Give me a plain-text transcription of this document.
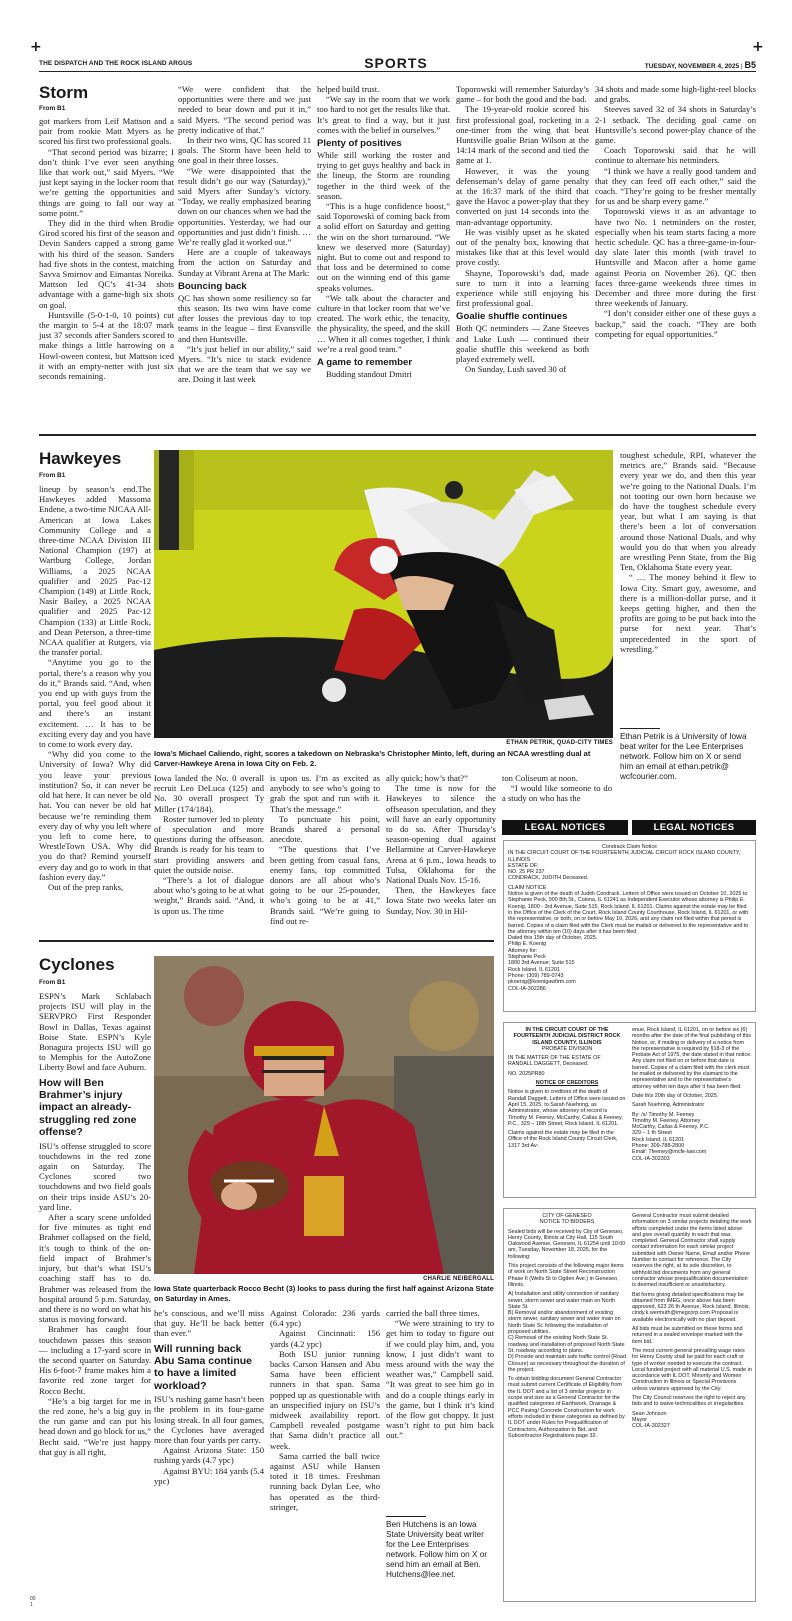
+	+
THE DISPATCH AND THE ROCK ISLAND ARGUS	SPORTS	TUESDAY, NOVEMBER 4, 2025 | B5
Storm
From B1

got markers from Leif Mattson and a pair from rookie Matt Myers as he scored his first two professional goals.

“That second period was bizarre; I don’t think I’ve ever seen anything like that work out,” said Myers. “We just kept saying in the locker room that we’re getting the opportunities and things are going to fall our way at some point.”

They did in the third when Brodie Girod scored his first of the season and Devin Sanders capped a strong game with his third of the season. Sanders had five shots in the contest, matching Savva Smirnov and Eimantas Noreika. Mattson led QC’s 41-34 shots advantage with a game-high six shots on goal.

Huntsville (5-0-1-0, 10 points) cut the margin to 5-4 at the 18:07 mark just 37 seconds after Sanders scored to make things a little harrowing on a Howl-oween contest, but Mattson iced it with an empty-netter with just six seconds remaining.

“We were confident that the opportunities were there and we just needed to bear down and put it in,” said Myers. “The second period was pretty indicative of that.”

In their two wins, QC has scored 11 goals. The Storm have been held to one goal in their three losses.

“We were disappointed that the result didn’t go our way (Saturday),” said Myers after Sunday’s victory. “Today, we really emphasized bearing down on our chances when we had the opportunities. Yesterday, we had our opportunities and just didn’t finish. … We’re really glad it worked out.”

Here are a couple of takeaways from the action on Saturday and Sunday at Vibrant Arena at The Mark:

Bouncing back

QC has shown some resiliency so far this season. Its two wins have come after losses the previous day to top teams in the league – first Evansville and then Huntsville.

“It’s just belief in our ability,” said Myers. “It’s nice to stack evidence that we are the team that we say we are. Doing it last week

helped build trust.

“We say in the room that we work too hard to not get the results like that. It’s great to find a way, but it just comes with the belief in ourselves.”

Plenty of positives

While still working the roster and trying to get guys healthy and back in the lineup, the Storm are rounding together in the third week of the season.

“This is a huge confidence boost,” said Toporowski of coming back from a solid effort on Saturday and getting the win on the short turnaround. “We knew we deserved more (Saturday) night. But to come out and respond to that loss and be determined to come out on the winning end of this game speaks volumes.

“We talk about the character and culture in that locker room that we’ve created. The work ethic, the tenacity, the physicality, the speed, and the skill … When it all comes together, I think we’re a real good team.”

A game to remember

Budding standout Dmitri

Toporowski will remember Saturday’s game – for both the good and the bad.

The 19-year-old rookie scored his first professional goal, rocketing in a one-timer from the wing that beat Huntsville goalie Brian Wilson at the 14:14 mark of the second and tied the game at 1.

However, it was the young defenseman’s delay of game penalty at the 16:37 mark of the third that gave the Havoc a power-play that they converted on just 14 seconds into the man-advantage opportunity.

He was visibly upset as he skated out of the penalty box, knowing that mistakes like that at this level would prove costly.

Shayne, Toporowski’s dad, made sure to turn it into a learning experience while still enjoying his first professional goal.

Goalie shuffle continues

Both QC netminders — Zane Steeves and Luke Lush — continued their goalie shuffle this weekend as both played extremely well.

On Sunday, Lush saved 30 of

34 shots and made some high-light-reel blocks and grabs.

Steeves saved 32 of 34 shots in Saturday’s 2-1 setback. The deciding goal came on Huntsville’s second power-play chance of the game.

Coach Toporowski said that he will continue to alternate his netminders.

“I think we have a really good tandem and that they can feed off each other,” said the coach. “They’re going to be fresher mentally for us and be sharp every game.”

Toporowski views it as an advantage to have two No. 1 netminders on the roster, especially when his team starts facing a more hectic schedule. QC has a three-game-in-four-day slate later this month (with travel to Huntsville and Macon after a home game against Peoria on November 26). QC then faces three-game weekends three times in December and three more during the first three weekends of January.

“I don’t consider either one of these guys a backup,” said the coach. “They are both competing for equal opportunities.”

Hawkeyes
From B1

lineup by season’s end.The Hawkeyes added Massoma Endene, a two-time NJCAA All-American at Iowa Lakes Community College and a three-time NCAA Division III National Champion (197) at Wartburg College, Jordan Williams, a 2025 NCAA qualifier and 2025 Pac-12 Champion (149) at Little Rock, Nasir Bailey, a 2025 NCAA qualifier and 2025 Pac-12 Champion (133) at Little Rock, and Dean Peterson, a three-time NCAA qualifier at Rutgers, via the transfer portal.

“Anytime you go to the portal, there’s a reason why you do it,” Brands said. “And, when you end up with guys from the portal, you feel good about it and there’s an instant excitement. … It has to be exciting every day and you have to come to work every day.

“Why did you come to the University of Iowa? Why did you leave your previous institution? So, it can never be old hat here. It can never be old hat. You can never be old hat because we’re reminding them every day of why you left where you left to come here, to WrestleTown USA. Why did you do that? Remind yourself every day and go to work in that fashion every day.”

Out of the prep ranks,

ETHAN PETRIK, QUAD-CITY TIMES
Iowa’s Michael Caliendo, right, scores a takedown on Nebraska’s Christopher Minto, left, during an NCAA wrestling dual at Carver-Hawkeye Arena in Iowa City on Feb. 2.

Iowa landed the No. 0 overall recruit Leo DeLuca (125) and No. 30 overall prospect Ty Miller (174/184).

Roster turnover led to plenty of speculation and more questions during the offseason. Brands is ready for his team to start providing answers and quiet the outside noise.

“There’s a lot of dialogue about who’s going to be at what weight,” Brands said. “And, it is upon us. The time

is upon us. I’m as excited as anybody to see who’s going to grab the spot and run with it. That’s the message.”

To punctuate his point, Brands shared a personal anecdote.

“The questions that I’ve been getting from casual fans, enemy fans, top committed donors are all about who’s going to be our 25-pounder, who’s going to be at 41,” Brands said. “We’re going to find out re-

ally quick; how’s that?”

The time is now for the Hawkeyes to silence the offseason speculation, and they will have an early opportunity to do so. After Thursday’s season-opening dual against Bellarmine at Carver-Hawkeye Arena at 6 p.m., Iowa heads to Tulsa, Oklahoma for the National Duals Nov. 15-16.

Then, the Hawkeyes face Iowa State two weeks later on Sunday, Nov. 30 in Hil-

ton Coliseum at noon.

“I would like someone to do a study on who has the

toughest schedule, RPI, whatever the metrics are,” Brands said. “Because every year we do, and then this year we’re going to the National Duals. I’m not tooting our own horn because we do have the toughest schedule every year, but what I am saying is that there’s been a lot of conversation around those National Duals, and why would you do that when you already are wrestling Penn State, from the Big Ten, Oklahoma State every year.

“ … The money behind it flew to Iowa City. Smart guy, awesome, and there is a million-dollar purse, and it keeps getting higher, and then the profits are going to be put back into the purse for next year. That’s unprecedented in the sport of wrestling.”

Ethan Petrik is a University of Iowa beat writer for the Lee Enterprises network. Follow him on X or send him an email at ethan.petrik@ wcfcourier.com.
LEGAL NOTICES	LEGAL NOTICES
Condrack Claim Notice
IN THE CIRCUIT COURT OF THE FOURTEENTH JUDICIAL CIRCUIT ROCK ISLAND COUNTY, ILLINOIS
ESTATE OF:
NO. 25 PR 237
CONDRACK, JUDITH Deceased.
CLAIM NOTICE
Notice is given of the death of Judith Condrack. Letters of Office were issued on October 10, 2025 to Stephanie Peck, 900 8th St., Colona, IL 61241 as Independent Executor whose attorney is Philip E. Koenig, 1800 - 3rd Avenue, Suite 515, Rock Island, IL 61201. Claims against the estate may be filed in the Office of the Clerk of the Court, Rock Island County Courthouse, Rock Island, IL 61201, or with the representative, or both, on or before May 10, 2026, and any claim not filed within that period is barred. Copies of a claim filed with the Clerk must be mailed or delivered to the representative and to the attorney within ten (10) days after it has been filed.
Dated this 15th day of October, 2025.
Philip E. Koenig
Attorney for:
Stephanie Peck
1800 3rd Avenue; Suite 515
Rock Island, IL 61201
Phone: (309) 789-0743
pkoenig@koenigawfirm.com
COL-IA-302286
IN THE CIRCUIT COURT OF THE FOURTEENTH JUDICIAL DISTRICT ROCK ISLAND COUNTY, ILLINOIS
PROBATE DIVISION
IN THE MATTER OF THE ESTATE OF RANDALL DAGGETT, Deceased.
NO. 2025PR80
NOTICE OF CREDITORS
Notice is given to creditors of the death of Randall Daggett. Letters of Office were issued on April 15, 2025, to Sarah Nuehring, as Administrator, whose attorney of record is Timothy M. Feeney, McCarthy, Callas & Feeney, P.C., 329 – 18th Street, Rock Island, IL 61201.
Claims against the estate may be filed in the Office of the Rock Island County Circuit Clerk, 1317 3rd Av-
enue, Rock Island, IL 61201, on or before six (6) months after the date of the final publishing of this Notice, or, if mailing or delivery of a notice from the representative is required by §18-3 of the Probate Act of 1975, the date stated in that notice. Any claim not filed on or before that date is barred. Copies of a claim filed with the clerk must be mailed or delivered by the claimant to the representative and to the representative’s attorney within ten days after it has been filed.
Date this 20th day of October, 2025.
Sarah Nuehring, Administrator
By: /s/ Timothy M. Feeney
Timothy M. Feeney, Attorney
McCarthy, Callas & Feeney, P.C.
329 – 1 th Street
Rock Island, IL 61201
Phone: 309-788-2800
Email: Tfeeney@mcfe-law.com
COL-IA-302303
CITY OF GENESEO
NOTICE TO BIDDERS
Sealed bids will be received by City of Geneseo, Henry County, Illinois at City Hall, 115 South Oakwood Avenue, Geneseo, IL 61254 until 10:00 am, Tuesday, November 18, 2025, for the following:
This project consists of the following major items of work on North State Street Reconstruction Phase II (Wells St to Ogden Ave.) in Geneseo, Illinois.
A) Installation and utility connection of sanitary sewer, storm sewer and water main on North State St.
B) Removal and/or abandonment of existing storm sewer, sanitary sewer and water main on North State St. following the installation of proposed utilities.
C) Removal of the existing North State St. roadway and installation of proposed North State St. roadway according to plans.
D) Provide and maintain safe traffic control (Road Closure) as necessary throughout the duration of the project.
To obtain bidding document General Contractor must submit current Certificate of Eligibility from the IL DOT and a list of 3 similar projects in scope and size as a General Contractor for the qualified categories of Earthwork, Drainage & PCC Paving/ Concrete Construction for work efforts included in these categories as defined by IL DOT under Rules for Prequalification of Contractors, Authorization to Bid, and Subcontractor Registrations page 32.
General Contractor must submit detailed information on 3 similar projects detailing the work efforts completed under the items listed above and give overall quantity in each that was completed. General Contractor shall supply contact information for each similar project submitted with Owner Name, Email and/or Phone Number to contact for reference. The City reserves the right, at its sole discretion, to withhold bid documents from any general contractor whose prequalification documentation is deemed insufficient or unsatisfactory.
Bid forms giving detailed specifications may be obtained from IMEG, once above has been approved, 623 26 th Avenue, Rock Island, Illinois, cindy.k.wermuth@imegcorp.com Proposal is available electronically with no plan deposit.
All bids must be submitted on these forms and returned in a sealed envelope marked with the item bid.
The most current general prevailing wage rates for Henry County shall be paid for each craft or type of worker needed to execute the contract. Local funded project with all material U.S. made in accordance with IL DOT. Minority and Women Construction in Illinois or Special Provisions unless variance approved by the City.
The City Council reserves the right to reject any bids and to waive technicalities or irregularities.
Sean Johnson
Mayor
COL-IA-302327
Cyclones
From B1

ESPN’s Mark Schlabach projects ISU will play in the SERVPRO First Responder Bowl in Dallas, Texas against Boise State. ESPN’s Kyle Bonagura projects ISU will go to Memphis for the AutoZone Liberty Bowl and face Auburn.

How will Ben Brahmer’s injury impact an already-struggling red zone offense?

ISU’s offense struggled to score touchdowns in the red zone again on Saturday. The Cyclones scored two touchdowns and two field goals on their trips inside ASU’s 20-yard line.

After a scary scene unfolded for five minutes as tight end Brahmer collapsed on the field, it’s tough to think of the on-field impact of Brahmer’s injury, but that’s what ISU’s coaching staff has to do. Brahmer was released from the hospital around 5 p.m. Saturday, and there is no word on what his status is moving forward.

Brahmer has caught four touchdown passes this season — including a 17-yard score in the second quarter on Saturday. His 6-foot-7 frame makes him a favorite red zone target for Rocco Becht.

“He’s a big target for me in the red zone, he’s a big guy in the run game and can put his head down and go block for us,” Becht said. “We’re just happy that guy is all right,

CHARLIE NEIBERGALL
Iowa State quarterback Rocco Becht (3) looks to pass during the first half against Arizona State on Saturday in Ames.

he’s conscious, and we’ll miss that guy. He’ll be back better than ever.”

Will running back Abu Sama continue to have a limited workload?

ISU’s rushing game hasn’t been the problem in its four-game losing streak. In all four games, the Cyclones have averaged more than four yards per carry.

Against Arizona State: 150 rushing yards (4.7 ypc)

Against BYU: 184 yards (5.4 ypc)

Against Colorado: 236 yards (6.4 ypc)

Against Cincinnati: 156 yards (4.2 ypc)

Both ISU junior running backs Carson Hansen and Abu Sama have been efficient runners in that span. Sama popped up as questionable with an unspecified injury on ISU’s midweek availability report. Campbell revealed postgame that Sama didn’t practice all week.

Sama carried the ball twice against ASU while Hansen toted it 18 times. Freshman running back Dylan Lee, who has operated as the third-stringer,

carried the ball three times.

“We were straining to try to get him to today to figure out if we could play him, and, you know, I just didn’t want to mess around with the way the weather was,” Campbell said. “It was great to see him go in and do a couple things early in the game, but I think it’s kind of the flow got choppy. It just wasn’t right to put him back out.”

Ben Hutchens is an Iowa State University beat writer for the Lee Enterprises network. Follow him on X or send him an email at Ben. Hutchens@lee.net.
00
1
